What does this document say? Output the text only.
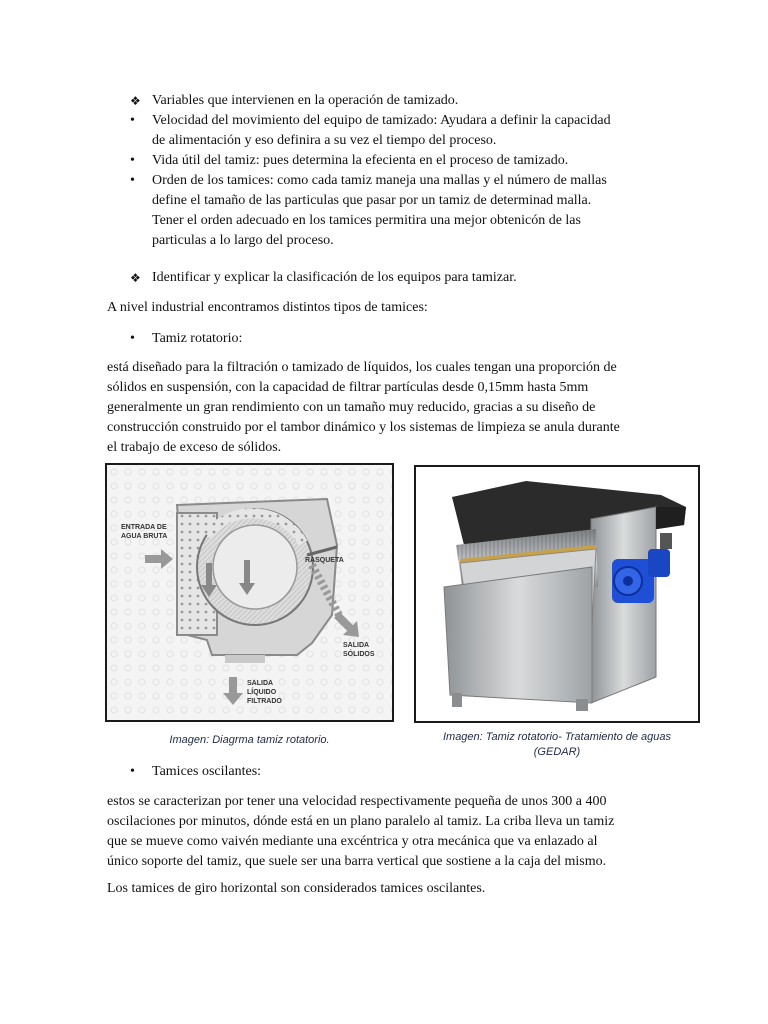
❖ Variables que intervienen en la operación de tamizado.
•	Velocidad del movimiento del equipo de tamizado: Ayudara a definir la capacidad
de alimentación y eso definira a su vez el tiempo del proceso.
•	Vida útil del tamiz: pues determina la efecienta en el proceso de tamizado.
•	Orden de los tamices: como cada tamiz maneja una mallas y el número de mallas
define el tamaño de las particulas que pasar por un tamiz de determinad malla.
Tener el orden adecuado en los tamices permitira una mejor obtenicón de las
particulas a lo largo del proceso.
❖ Identificar y explicar la clasificación de los equipos para tamizar.
A nivel industrial encontramos distintos tipos de tamices:
•	Tamiz rotatorio:
está diseñado para la filtración o tamizado de líquidos, los cuales tengan una proporción de
sólidos en suspensión, con la capacidad de filtrar partículas desde 0,15mm hasta 5mm
generalmente un gran rendimiento con un tamaño muy reducido, gracias a su diseño de
construcción construido por el tambor dinámico y los sistemas de limpieza se anula durante
el trabajo de exceso de sólidos.
ENTRADA DE
AGUA BRUTA
RASQUETA
SALIDA
SÓLIDOS
SALIDA
LÍQUIDO
FILTRADO
Imagen: Diagrma tamiz rotatorio.	Imagen: Tamiz rotatorio- Tratamiento de aguas
(GEDAR)
•	Tamices oscilantes:
estos se caracterizan por tener una velocidad respectivamente pequeña de unos 300 a 400
oscilaciones por minutos, dónde está en un plano paralelo al tamiz. La criba lleva un tamiz
que se mueve como vaivén mediante una excéntrica y otra mecánica que va enlazado al
único soporte del tamiz, que suele ser una barra vertical que sostiene a la caja del mismo.
Los tamices de giro horizontal son considerados tamices oscilantes.
